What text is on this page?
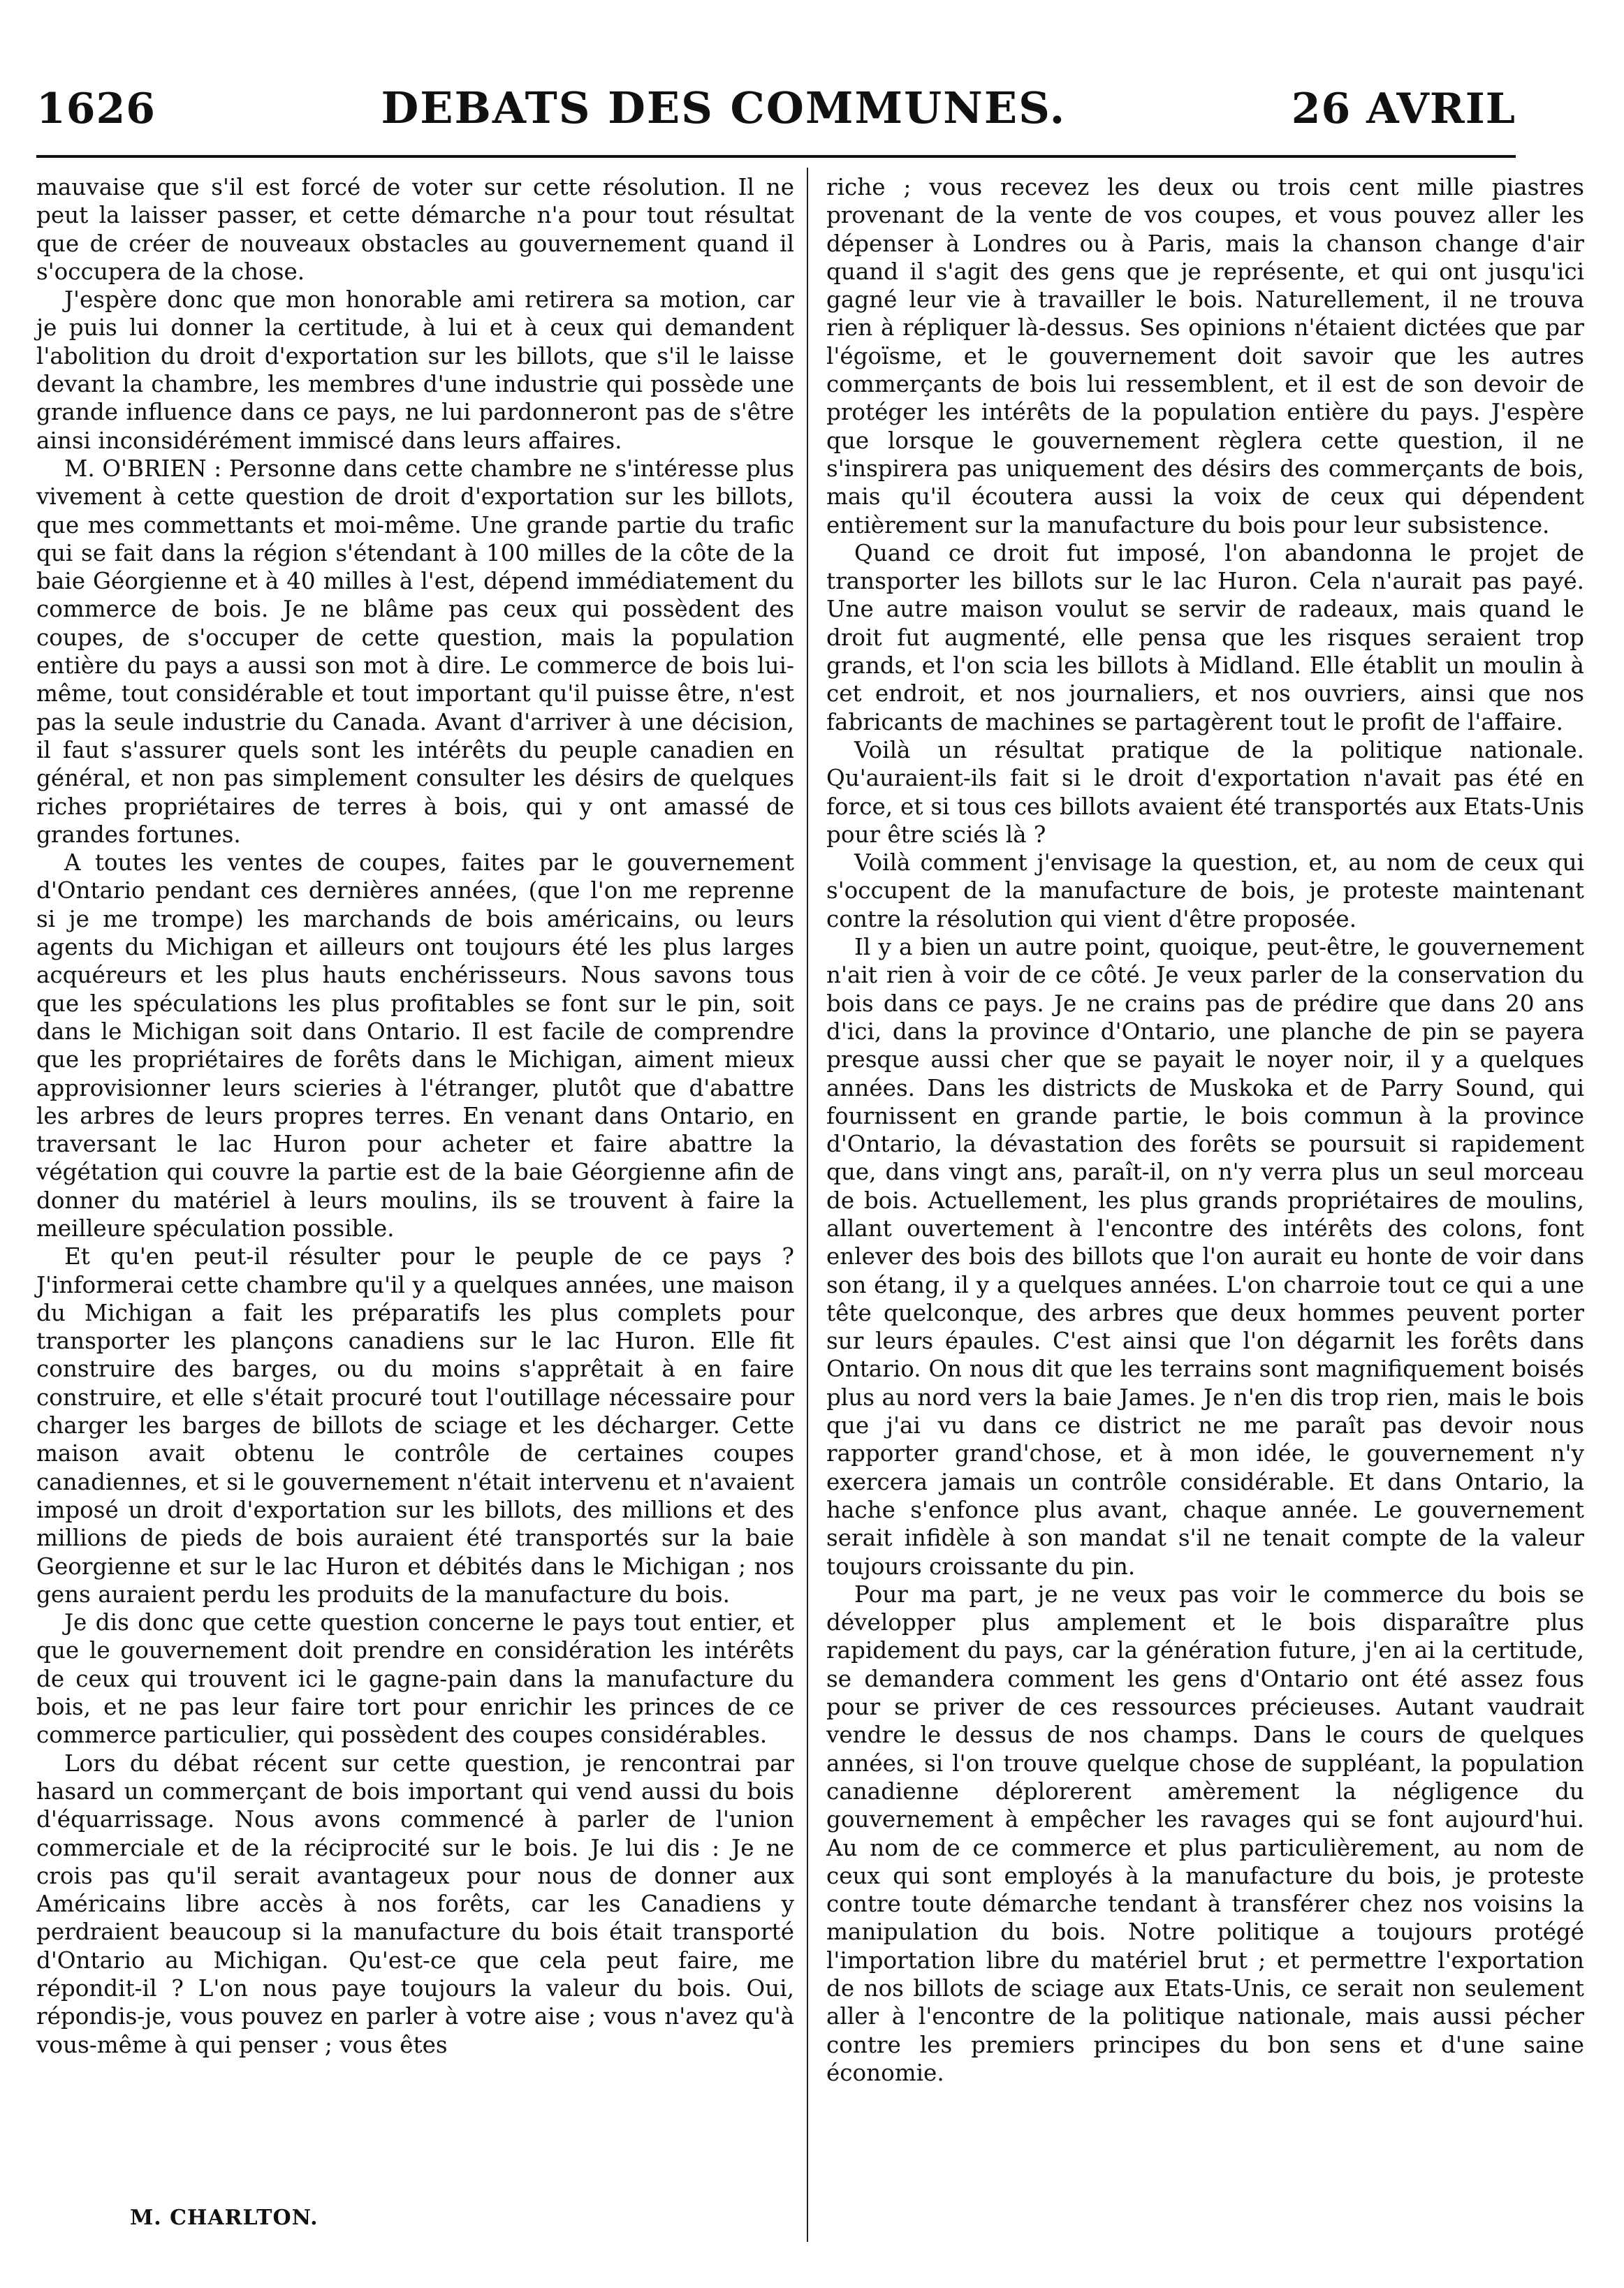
1626	DEBATS DES COMMUNES.	26 AVRIL

mauvaise que s'il est forcé de voter sur cette résolution. Il ne peut la laisser passer, et cette démarche n'a pour tout résultat que de créer de nouveaux obstacles au gouvernement quand il s'occupera de la chose.

J'espère donc que mon honorable ami retirera sa motion, car je puis lui donner la certitude, à lui et à ceux qui demandent l'abolition du droit d'exportation sur les billots, que s'il le laisse devant la chambre, les membres d'une industrie qui possède une grande influence dans ce pays, ne lui pardonneront pas de s'être ainsi inconsidérément immiscé dans leurs affaires.

M. O'BRIEN : Personne dans cette chambre ne s'intéresse plus vivement à cette question de droit d'exportation sur les billots, que mes commettants et moi-même. Une grande partie du trafic qui se fait dans la région s'étendant à 100 milles de la côte de la baie Géorgienne et à 40 milles à l'est, dépend immédiatement du commerce de bois. Je ne blâme pas ceux qui possèdent des coupes, de s'occuper de cette question, mais la population entière du pays a aussi son mot à dire. Le commerce de bois lui-même, tout considérable et tout important qu'il puisse être, n'est pas la seule industrie du Canada. Avant d'arriver à une décision, il faut s'assurer quels sont les intérêts du peuple canadien en général, et non pas simplement consulter les désirs de quelques riches propriétaires de terres à bois, qui y ont amassé de grandes fortunes.

A toutes les ventes de coupes, faites par le gouvernement d'Ontario pendant ces dernières années, (que l'on me reprenne si je me trompe) les marchands de bois américains, ou leurs agents du Michigan et ailleurs ont toujours été les plus larges acquéreurs et les plus hauts enchérisseurs. Nous savons tous que les spéculations les plus profitables se font sur le pin, soit dans le Michigan soit dans Ontario. Il est facile de comprendre que les propriétaires de forêts dans le Michigan, aiment mieux approvisionner leurs scieries à l'étranger, plutôt que d'abattre les arbres de leurs propres terres. En venant dans Ontario, en traversant le lac Huron pour acheter et faire abattre la végétation qui couvre la partie est de la baie Géorgienne afin de donner du matériel à leurs moulins, ils se trouvent à faire la meilleure spéculation possible.

Et qu'en peut-il résulter pour le peuple de ce pays ? J'informerai cette chambre qu'il y a quelques années, une maison du Michigan a fait les préparatifs les plus complets pour transporter les plançons canadiens sur le lac Huron. Elle fit construire des barges, ou du moins s'apprêtait à en faire construire, et elle s'était procuré tout l'outillage nécessaire pour charger les barges de billots de sciage et les décharger. Cette maison avait obtenu le contrôle de certaines coupes canadiennes, et si le gouvernement n'était intervenu et n'avaient imposé un droit d'exportation sur les billots, des millions et des millions de pieds de bois auraient été transportés sur la baie Georgienne et sur le lac Huron et débités dans le Michigan ; nos gens auraient perdu les produits de la manufacture du bois.

Je dis donc que cette question concerne le pays tout entier, et que le gouvernement doit prendre en considération les intérêts de ceux qui trouvent ici le gagne-pain dans la manufacture du bois, et ne pas leur faire tort pour enrichir les princes de ce commerce particulier, qui possèdent des coupes considérables.

Lors du débat récent sur cette question, je rencontrai par hasard un commerçant de bois important qui vend aussi du bois d'équarrissage. Nous avons commencé à parler de l'union commerciale et de la réciprocité sur le bois. Je lui dis : Je ne crois pas qu'il serait avantageux pour nous de donner aux Américains libre accès à nos forêts, car les Canadiens y perdraient beaucoup si la manufacture du bois était transporté d'Ontario au Michigan. Qu'est-ce que cela peut faire, me répondit-il ? L'on nous paye toujours la valeur du bois. Oui, répondis-je, vous pouvez en parler à votre aise ; vous n'avez qu'à vous-même à qui penser ; vous êtes

riche ; vous recevez les deux ou trois cent mille piastres provenant de la vente de vos coupes, et vous pouvez aller les dépenser à Londres ou à Paris, mais la chanson change d'air quand il s'agit des gens que je représente, et qui ont jusqu'ici gagné leur vie à travailler le bois. Naturellement, il ne trouva rien à répliquer là-dessus. Ses opinions n'étaient dictées que par l'égoïsme, et le gouvernement doit savoir que les autres commerçants de bois lui ressemblent, et il est de son devoir de protéger les intérêts de la population entière du pays. J'espère que lorsque le gouvernement règlera cette question, il ne s'inspirera pas uniquement des désirs des commerçants de bois, mais qu'il écoutera aussi la voix de ceux qui dépendent entièrement sur la manufacture du bois pour leur subsistence.

Quand ce droit fut imposé, l'on abandonna le projet de transporter les billots sur le lac Huron. Cela n'aurait pas payé. Une autre maison voulut se servir de radeaux, mais quand le droit fut augmenté, elle pensa que les risques seraient trop grands, et l'on scia les billots à Midland. Elle établit un moulin à cet endroit, et nos journaliers, et nos ouvriers, ainsi que nos fabricants de machines se partagèrent tout le profit de l'affaire.

Voilà un résultat pratique de la politique nationale. Qu'auraient-ils fait si le droit d'exportation n'avait pas été en force, et si tous ces billots avaient été transportés aux Etats-Unis pour être sciés là ?

Voilà comment j'envisage la question, et, au nom de ceux qui s'occupent de la manufacture de bois, je proteste maintenant contre la résolution qui vient d'être proposée.

Il y a bien un autre point, quoique, peut-être, le gouvernement n'ait rien à voir de ce côté. Je veux parler de la conservation du bois dans ce pays. Je ne crains pas de prédire que dans 20 ans d'ici, dans la province d'Ontario, une planche de pin se payera presque aussi cher que se payait le noyer noir, il y a quelques années. Dans les districts de Muskoka et de Parry Sound, qui fournissent en grande partie, le bois commun à la province d'Ontario, la dévastation des forêts se poursuit si rapidement que, dans vingt ans, paraît-il, on n'y verra plus un seul morceau de bois. Actuellement, les plus grands propriétaires de moulins, allant ouvertement à l'encontre des intérêts des colons, font enlever des bois des billots que l'on aurait eu honte de voir dans son étang, il y a quelques années. L'on charroie tout ce qui a une tête quelconque, des arbres que deux hommes peuvent porter sur leurs épaules. C'est ainsi que l'on dégarnit les forêts dans Ontario. On nous dit que les terrains sont magnifiquement boisés plus au nord vers la baie James. Je n'en dis trop rien, mais le bois que j'ai vu dans ce district ne me paraît pas devoir nous rapporter grand'chose, et à mon idée, le gouvernement n'y exercera jamais un contrôle considérable. Et dans Ontario, la hache s'enfonce plus avant, chaque année. Le gouvernement serait infidèle à son mandat s'il ne tenait compte de la valeur toujours croissante du pin.

Pour ma part, je ne veux pas voir le commerce du bois se développer plus amplement et le bois disparaître plus rapidement du pays, car la génération future, j'en ai la certitude, se demandera comment les gens d'Ontario ont été assez fous pour se priver de ces ressources précieuses. Autant vaudrait vendre le dessus de nos champs. Dans le cours de quelques années, si l'on trouve quelque chose de suppléant, la population canadienne déplorerent amèrement la négligence du gouvernement à empêcher les ravages qui se font aujourd'hui. Au nom de ce commerce et plus particulièrement, au nom de ceux qui sont employés à la manufacture du bois, je proteste contre toute démarche tendant à transférer chez nos voisins la manipulation du bois. Notre politique a toujours protégé l'importation libre du matériel brut ; et permettre l'exportation de nos billots de sciage aux Etats-Unis, ce serait non seulement aller à l'encontre de la politique nationale, mais aussi pécher contre les premiers principes du bon sens et d'une saine économie.

M. CHARLTON.
